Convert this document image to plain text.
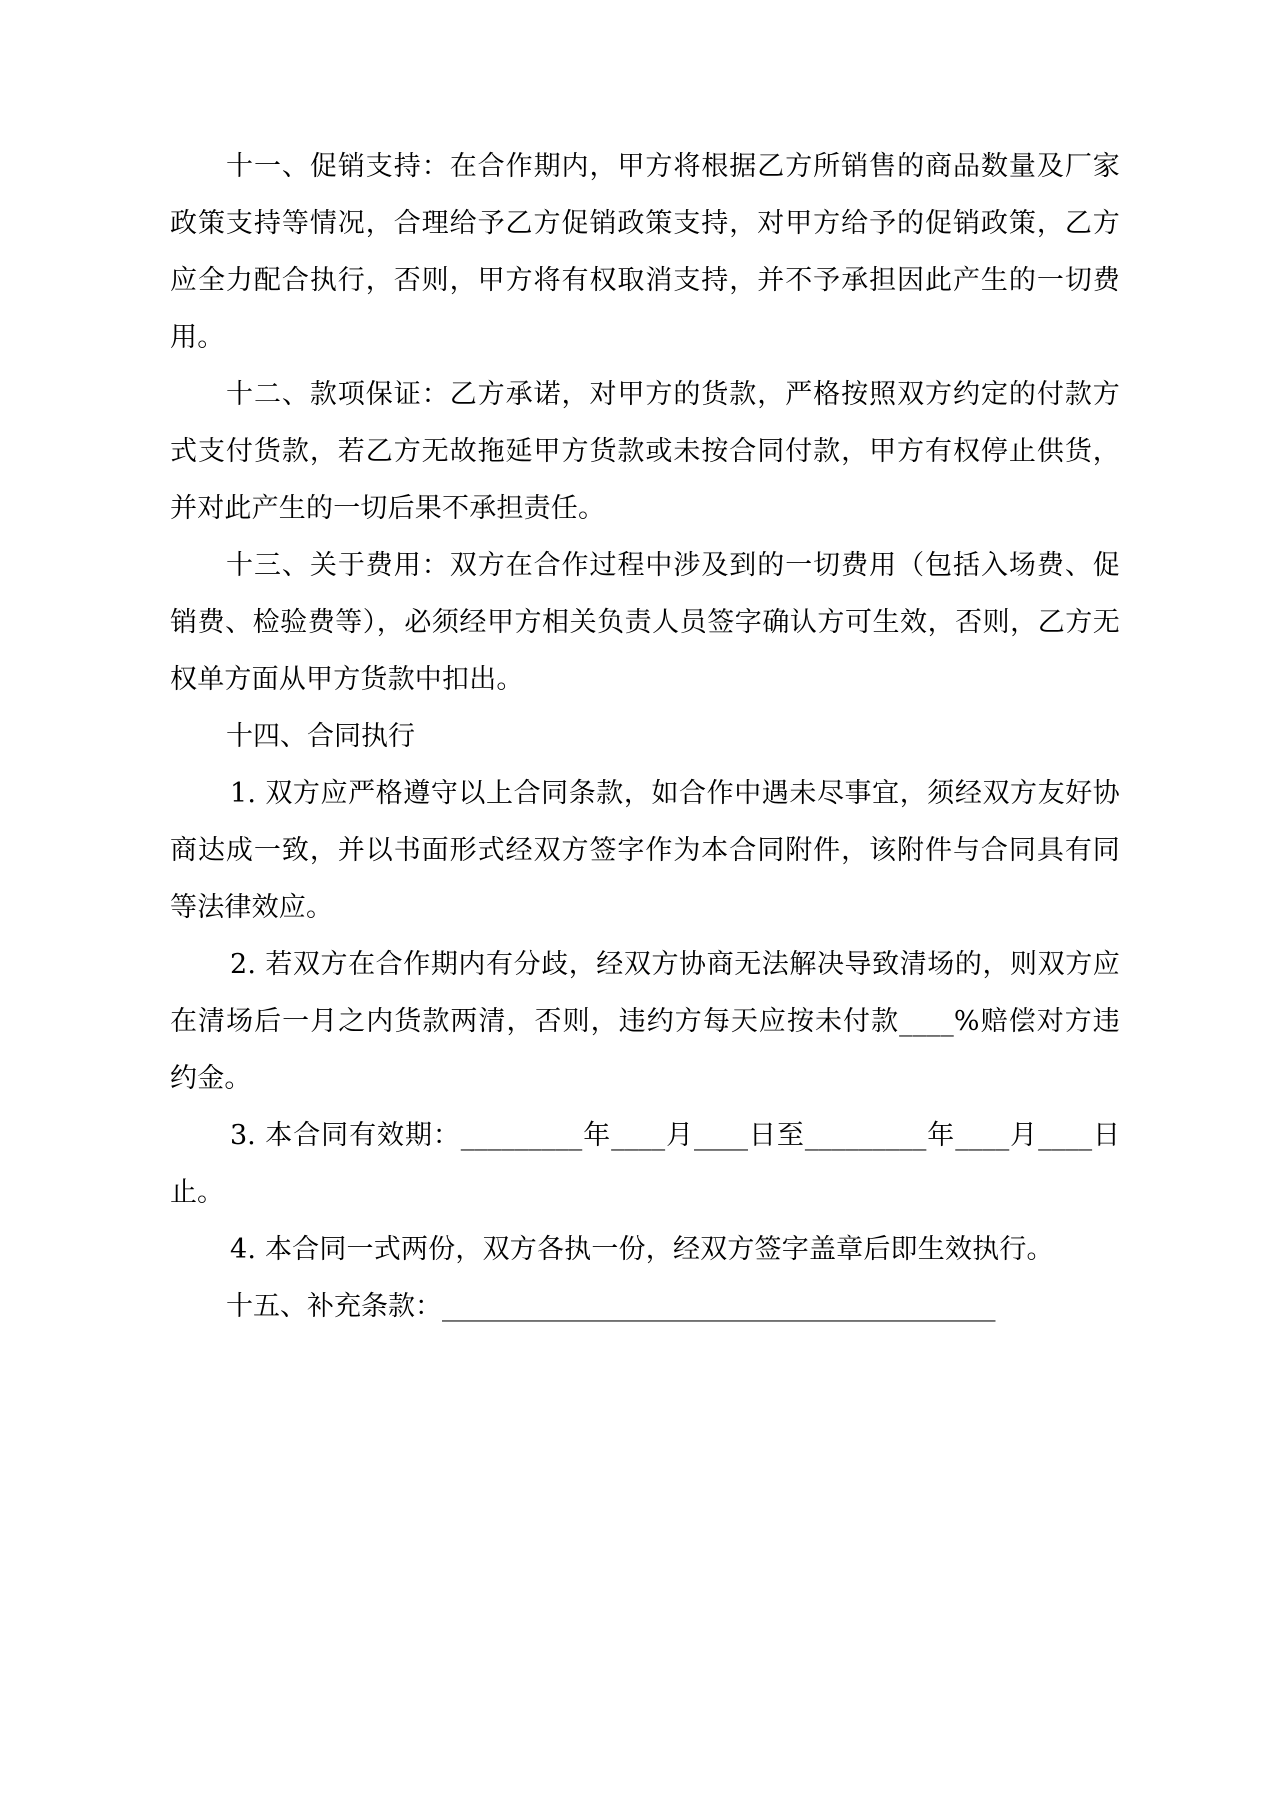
十一、促销支持：在合作期内，甲方将根据乙方所销售的商品数量及厂家政策支持等情况，合理给予乙方促销政策支持，对甲方给予的促销政策，乙方应全力配合执行，否则，甲方将有权取消支持，并不予承担因此产生的一切费用。

十二、款项保证：乙方承诺，对甲方的货款，严格按照双方约定的付款方式支付货款，若乙方无故拖延甲方货款或未按合同付款，甲方有权停止供货，并对此产生的一切后果不承担责任。

十三、关于费用：双方在合作过程中涉及到的一切费用（包括入场费、促销费、检验费等），必须经甲方相关负责人员签字确认方可生效，否则，乙方无权单方面从甲方货款中扣出。

十四、合同执行

1. 双方应严格遵守以上合同条款，如合作中遇未尽事宜，须经双方友好协商达成一致，并以书面形式经双方签字作为本合同附件，该附件与合同具有同等法律效应。

2. 若双方在合作期内有分歧，经双方协商无法解决导致清场的，则双方应在清场后一月之内货款两清，否则，违约方每天应按未付款____%赔偿对方违约金。

3. 本合同有效期：_________年____月____日至_________年____月____日止。

4. 本合同一式两份，双方各执一份，经双方签字盖章后即生效执行。

十五、补充条款：_________________________________________
